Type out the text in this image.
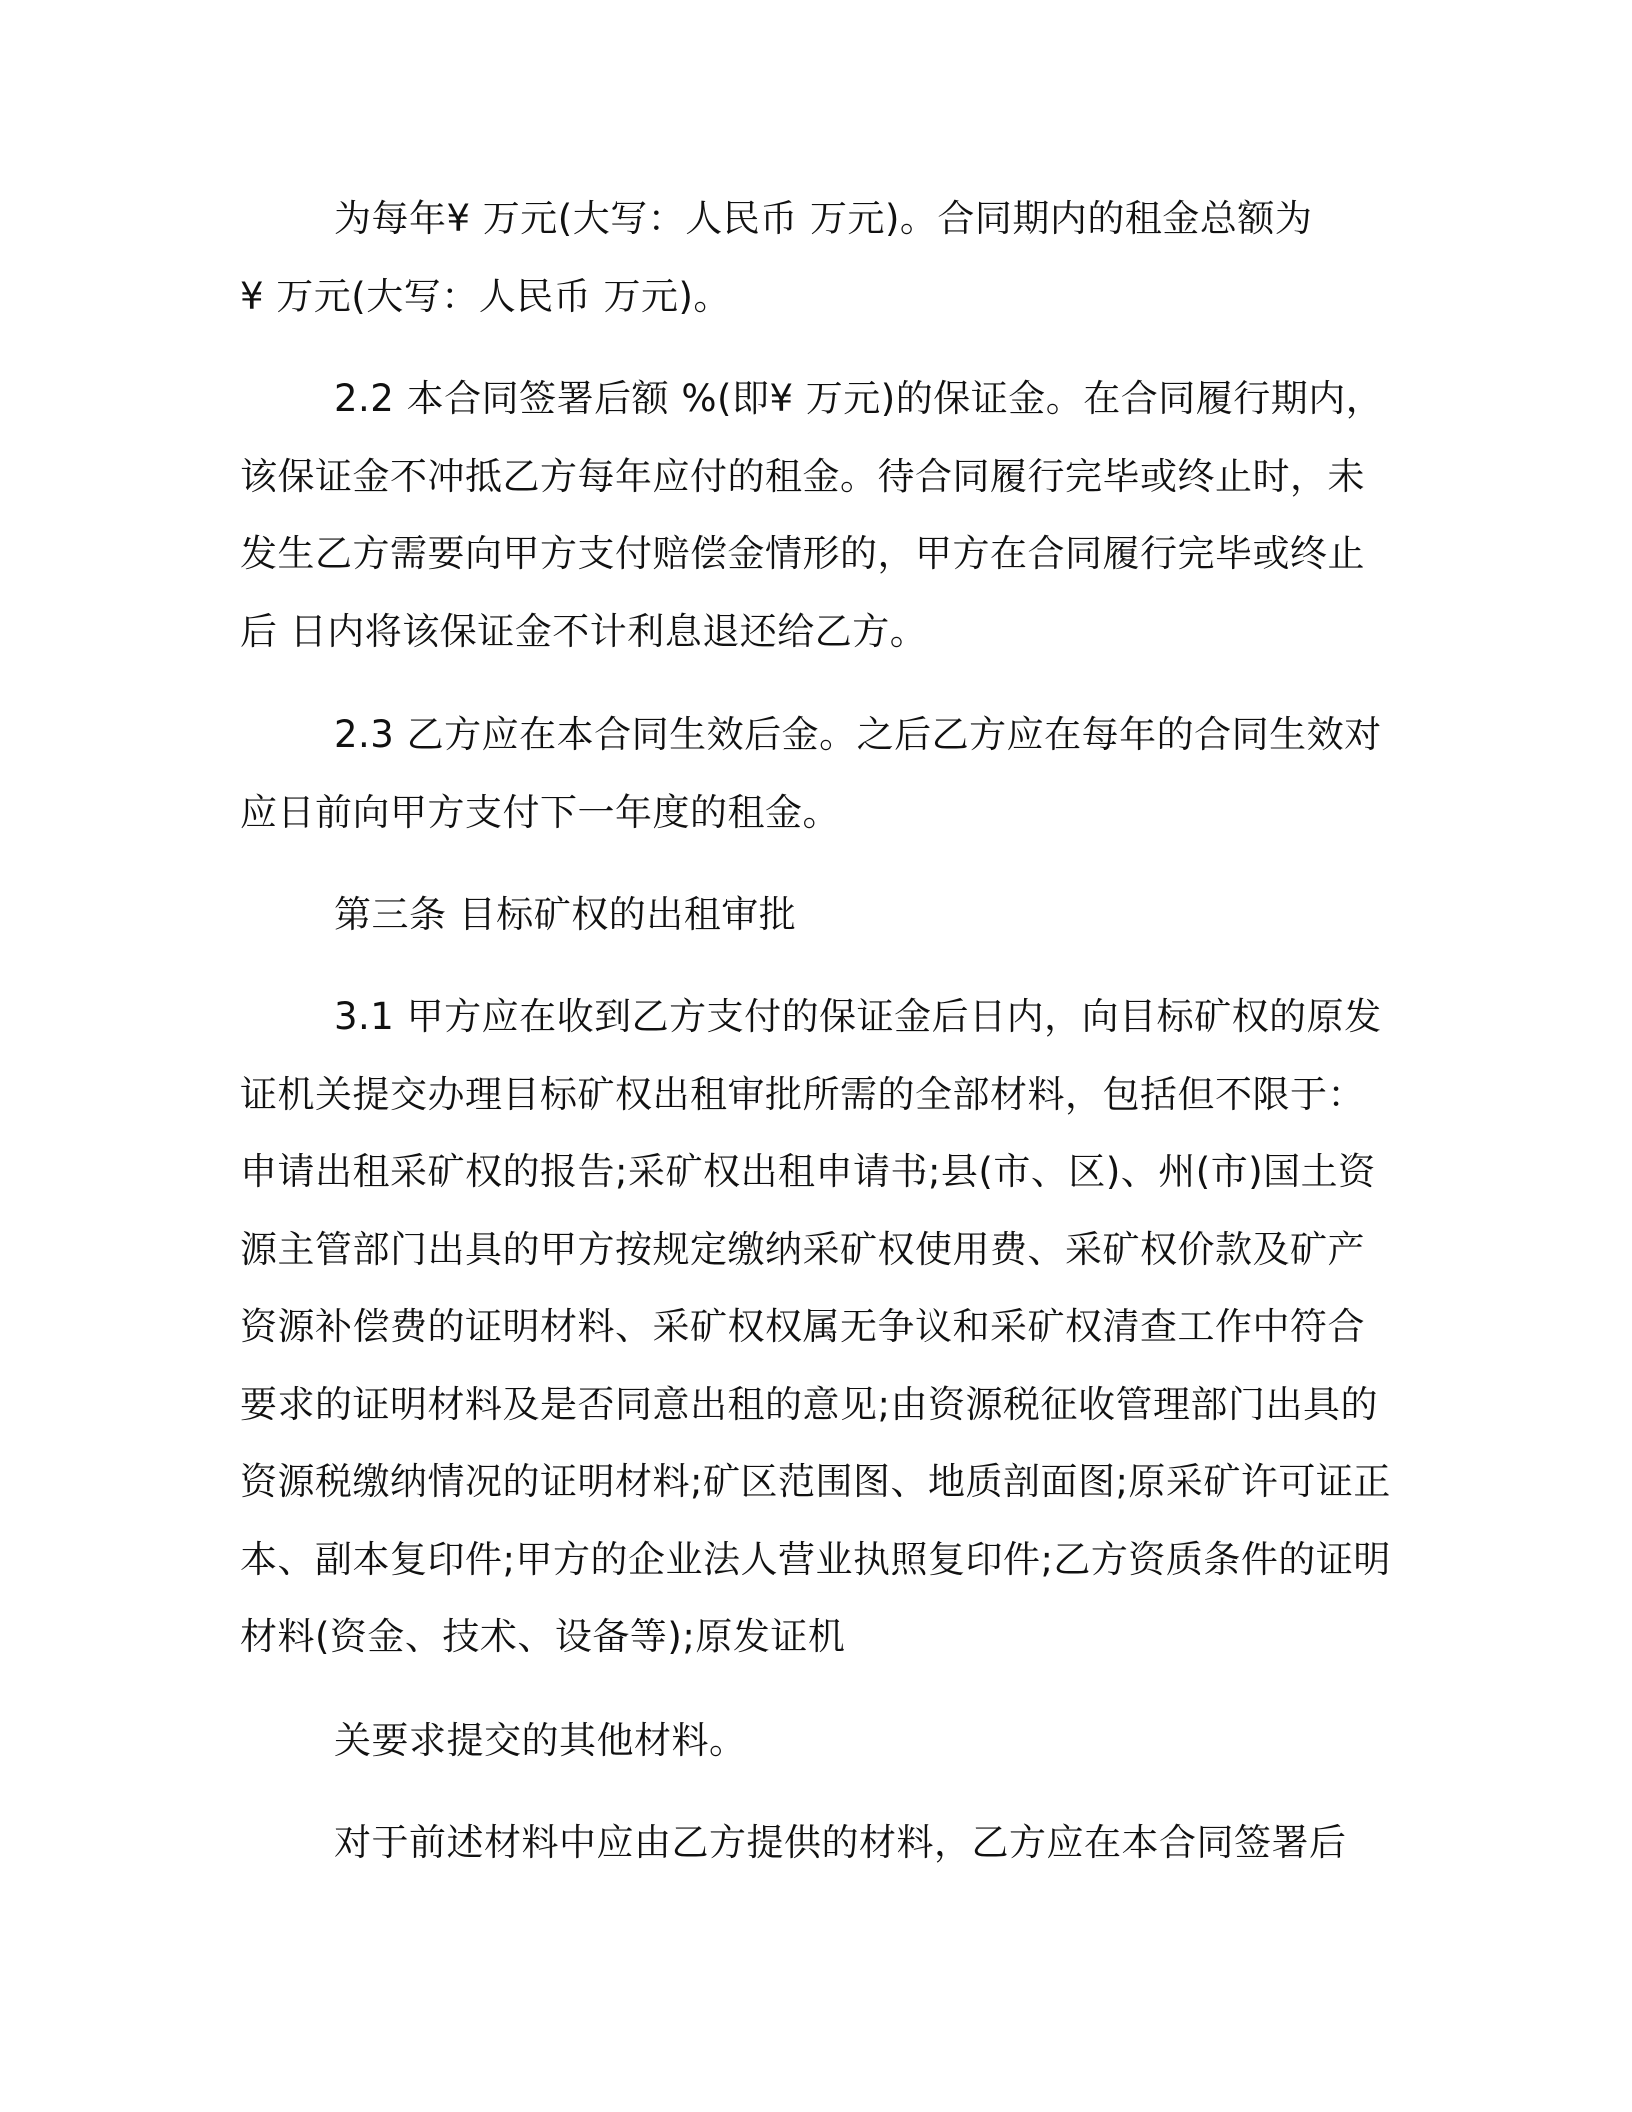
为每年¥ 万元(大写：人民币 万元)。合同期内的租金总额为
¥ 万元(大写：人民币 万元)。

2.2 本合同签署后额 %(即¥ 万元)的保证金。在合同履行期内，
该保证金不冲抵乙方每年应付的租金。待合同履行完毕或终止时，未
发生乙方需要向甲方支付赔偿金情形的，甲方在合同履行完毕或终止
后 日内将该保证金不计利息退还给乙方。

2.3 乙方应在本合同生效后金。之后乙方应在每年的合同生效对
应日前向甲方支付下一年度的租金。

第三条 目标矿权的出租审批

3.1 甲方应在收到乙方支付的保证金后日内，向目标矿权的原发
证机关提交办理目标矿权出租审批所需的全部材料，包括但不限于：
申请出租采矿权的报告;采矿权出租申请书;县(市、区)、州(市)国土资
源主管部门出具的甲方按规定缴纳采矿权使用费、采矿权价款及矿产
资源补偿费的证明材料、采矿权权属无争议和采矿权清查工作中符合
要求的证明材料及是否同意出租的意见;由资源税征收管理部门出具的
资源税缴纳情况的证明材料;矿区范围图、地质剖面图;原采矿许可证正
本、副本复印件;甲方的企业法人营业执照复印件;乙方资质条件的证明
材料(资金、技术、设备等);原发证机

关要求提交的其他材料。

对于前述材料中应由乙方提供的材料，乙方应在本合同签署后
